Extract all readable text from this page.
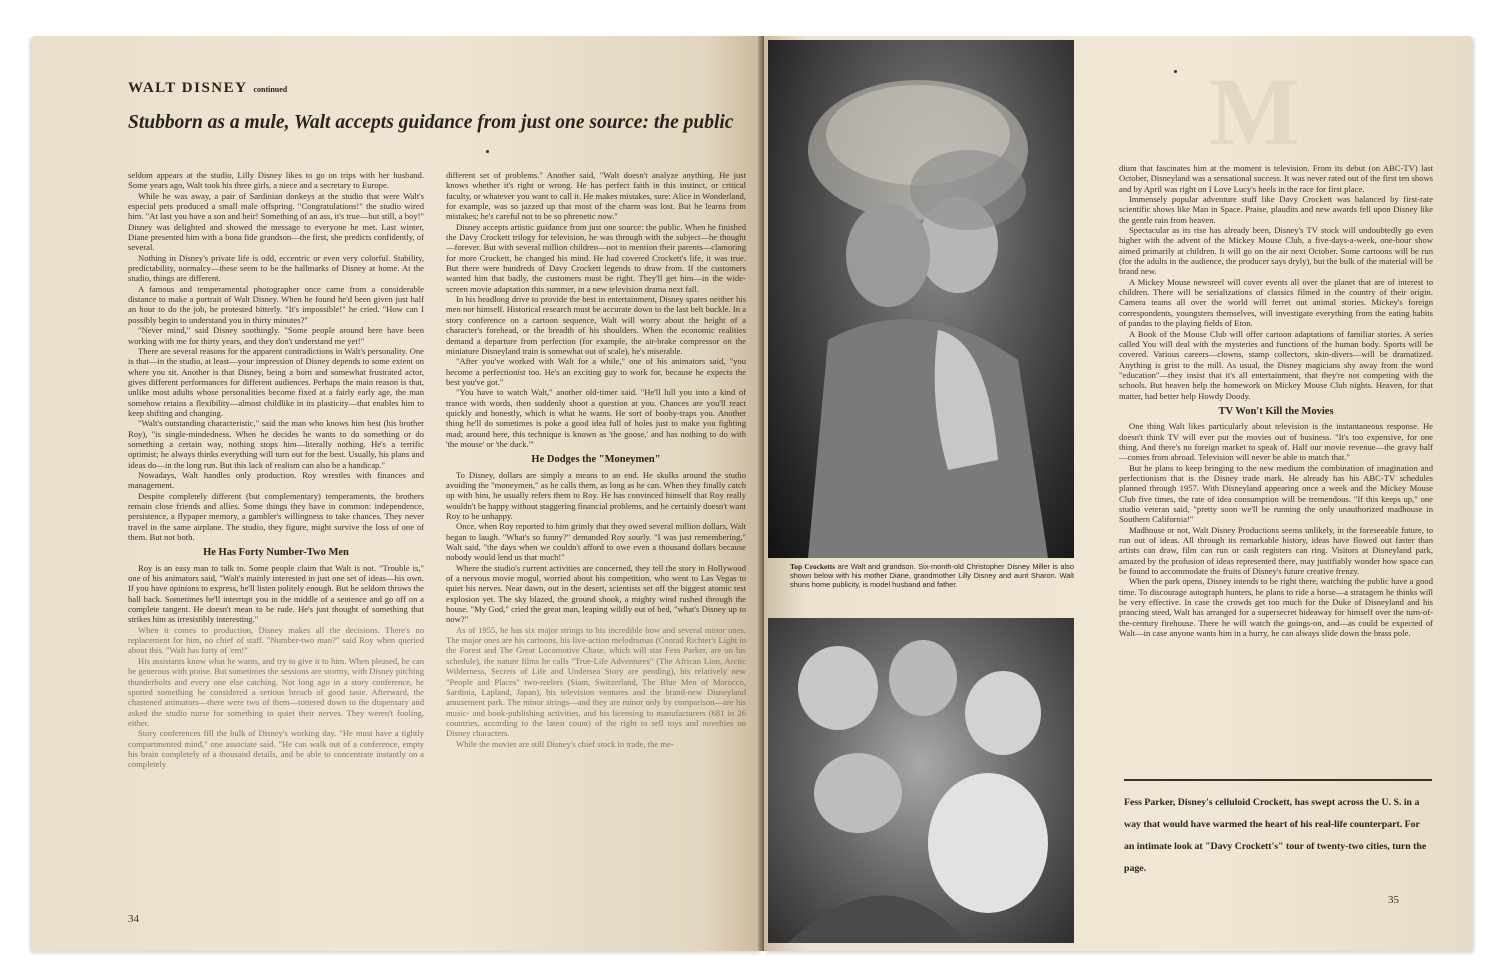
WALT DISNEY continued
Stubborn as a mule, Walt accepts guidance from just one source: the public

seldom appears at the studio, Lilly Disney likes to go on trips with her husband. Some years ago, Walt took his three girls, a niece and a secretary to Europe.

While he was away, a pair of Sardinian donkeys at the studio that were Walt's especial pets produced a small male offspring. "Congratulations!" the studio wired him. "At last you have a son and heir! Something of an ass, it's true—but still, a boy!" Disney was delighted and showed the message to everyone he met. Last winter, Diane presented him with a bona fide grandson—the first, she predicts confidently, of several.

Nothing in Disney's private life is odd, eccentric or even very colorful. Stability, predictability, normalcy—these seem to be the hallmarks of Disney at home. At the studio, things are different.

A famous and temperamental photographer once came from a considerable distance to make a portrait of Walt Disney. When he found he'd been given just half an hour to do the job, he protested bitterly. "It's impossible!" he cried. "How can I possibly begin to understand you in thirty minutes?"

"Never mind," said Disney soothingly. "Some people around here have been working with me for thirty years, and they don't understand me yet!"

There are several reasons for the apparent contradictions in Walt's personality. One is that—in the studio, at least—your impression of Disney depends to some extent on where you sit. Another is that Disney, being a born and somewhat frustrated actor, gives different performances for different audiences. Perhaps the main reason is that, unlike most adults whose personalities become fixed at a fairly early age, the man somehow retains a flexibility—almost childlike in its plasticity—that enables him to keep shifting and changing.

"Walt's outstanding characteristic," said the man who knows him best (his brother Roy), "is single-mindedness. When he decides he wants to do something or do something a certain way, nothing stops him—literally nothing. He's a terrific optimist; he always thinks everything will turn out for the best. Usually, his plans and ideas do—in the long run. But this lack of realism can also be a handicap."

Nowadays, Walt handles only production. Roy wrestles with finances and management.

Despite completely different (but complementary) temperaments, the brothers remain close friends and allies. Some things they have in common: independence, persistence, a flypaper memory, a gambler's willingness to take chances. They never travel in the same airplane. The studio, they figure, might survive the loss of one of them. But not both.

He Has Forty Number-Two Men

Roy is an easy man to talk to. Some people claim that Walt is not. "Trouble is," one of his animators said, "Walt's mainly interested in just one set of ideas—his own. If you have opinions to express, he'll listen politely enough. But he seldom throws the ball back. Sometimes he'll interrupt you in the middle of a sentence and go off on a complete tangent. He doesn't mean to be rude. He's just thought of something that strikes him as irresistibly interesting."

When it comes to production, Disney makes all the decisions. There's no replacement for him, no chief of staff. "Number-two man?" said Roy when queried about this. "Walt has forty of 'em!"

His assistants know what he wants, and try to give it to him. When pleased, he can be generous with praise. But sometimes the sessions are stormy, with Disney pitching thunderbolts and every one else catching. Not long ago in a story conference, he spotted something he considered a serious breach of good taste. Afterward, the chastened animators—there were two of them—tottered down to the dispensary and asked the studio nurse for something to quiet their nerves. They weren't fooling, either.

Story conferences fill the bulk of Disney's working day. "He must have a tightly compartmented mind," one associate said. "He can walk out of a conference, empty his brain completely of a thousand details, and be able to concentrate instantly on a completely

different set of problems." Another said, "Walt doesn't analyze anything. He just knows whether it's right or wrong. He has perfect faith in this instinct, or critical faculty, or whatever you want to call it. He makes mistakes, sure: Alice in Wonderland, for example, was so jazzed up that most of the charm was lost. But he learns from mistakes; he's careful not to be so phrenetic now."

Disney accepts artistic guidance from just one source: the public. When he finished the Davy Crockett trilogy for television, he was through with the subject—he thought—forever. But with several million children—not to mention their parents—clamoring for more Crockett, he changed his mind. He had covered Crockett's life, it was true. But there were hundreds of Davy Crockett legends to draw from. If the customers wanted him that badly, the customers must be right. They'll get him—in the wide-screen movie adaptation this summer, in a new television drama next fall.

In his headlong drive to provide the best in entertainment, Disney spares neither his men nor himself. Historical research must be accurate down to the last belt buckle. In a story conference on a cartoon sequence, Walt will worry about the height of a character's forehead, or the breadth of his shoulders. When the economic realities demand a departure from perfection (for example, the air-brake compressor on the miniature Disneyland train is somewhat out of scale), he's miserable.

"After you've worked with Walt for a while," one of his animators said, "you become a perfectionist too. He's an exciting guy to work for, because he expects the best you've got."

"You have to watch Walt," another old-timer said. "He'll lull you into a kind of trance with words, then suddenly shoot a question at you. Chances are you'll react quickly and honestly, which is what he wants. He sort of booby-traps you. Another thing he'll do sometimes is poke a good idea full of holes just to make you fighting mad; around here, this technique is known as 'the goose,' and has nothing to do with 'the mouse' or 'the duck.'"

He Dodges the "Moneymen"

To Disney, dollars are simply a means to an end. He skulks around the studio avoiding the "moneymen," as he calls them, as long as he can. When they finally catch up with him, he usually refers them to Roy. He has convinced himself that Roy really wouldn't be happy without staggering financial problems, and he certainly doesn't want Roy to be unhappy.

Once, when Roy reported to him grimly that they owed several million dollars, Walt began to laugh. "What's so funny?" demanded Roy sourly. "I was just remembering," Walt said, "the days when we couldn't afford to owe even a thousand dollars because nobody would lend us that much!"

Where the studio's current activities are concerned, they tell the story in Hollywood of a nervous movie mogul, worried about his competition, who went to Las Vegas to quiet his nerves. Near dawn, out in the desert, scientists set off the biggest atomic test explosion yet. The sky blazed, the ground shook, a mighty wind rushed through the house. "My God," cried the great man, leaping wildly out of bed, "what's Disney up to now?"

As of 1955, he has six major strings to his incredible bow and several minor ones. The major ones are his cartoons, his live-action melodramas (Conrad Richter's Light in the Forest and The Great Locomotive Chase, which will star Fess Parker, are on his schedule), the nature films he calls "True-Life Adventures" (The African Lion, Arctic Wilderness, Secrets of Life and Undersea Story are pending), his relatively new "People and Places" two-reelers (Siam, Switzerland, The Blue Men of Morocco, Sardinia, Lapland, Japan), his television ventures and the brand-new Disneyland amusement park. The minor strings—and they are minor only by comparison—are his music- and book-publishing activities, and his licensing to manufacturers (681 in 26 countries, according to the latest count) of the right to sell toys and novelties on Disney characters.

While the movies are still Disney's chief stock in trade, the me-

34
M
Top Crocketts are Walt and grandson. Six-month-old Christopher Disney Miller is also shown below with his mother Diane, grandmother Lilly Disney and aunt Sharon. Walt shuns home publicity, is model husband and father.

dium that fascinates him at the moment is television. From its debut (on ABC-TV) last October, Disneyland was a sensational success. It was never rated out of the first ten shows and by April was right on I Love Lucy's heels in the race for first place.

Immensely popular adventure stuff like Davy Crockett was balanced by first-rate scientific shows like Man in Space. Praise, plaudits and new awards fell upon Disney like the gentle rain from heaven.

Spectacular as its rise has already been, Disney's TV stock will undoubtedly go even higher with the advent of the Mickey Mouse Club, a five-days-a-week, one-hour show aimed primarily at children. It will go on the air next October. Some cartoons will be run (for the adults in the audience, the producer says dryly), but the bulk of the material will be brand new.

A Mickey Mouse newsreel will cover events all over the planet that are of interest to children. There will be serializations of classics filmed in the country of their origin. Camera teams all over the world will ferret out animal stories. Mickey's foreign correspondents, youngsters themselves, will investigate everything from the eating habits of pandas to the playing fields of Eton.

A Book of the Mouse Club will offer cartoon adaptations of familiar stories. A series called You will deal with the mysteries and functions of the human body. Sports will be covered. Various careers—clowns, stamp collectors, skin-divers—will be dramatized. Anything is grist to the mill. As usual, the Disney magicians shy away from the word "education"—they insist that it's all entertainment, that they're not competing with the schools. But heaven help the homework on Mickey Mouse Club nights. Heaven, for that matter, had better help Howdy Doody.

TV Won't Kill the Movies

One thing Walt likes particularly about television is the instantaneous response. He doesn't think TV will ever put the movies out of business. "It's too expensive, for one thing. And there's no foreign market to speak of. Half our movie revenue—the gravy half—comes from abroad. Television will never be able to match that."

But he plans to keep bringing to the new medium the combination of imagination and perfectionism that is the Disney trade mark. He already has his ABC-TV schedules planned through 1957. With Disneyland appearing once a week and the Mickey Mouse Club five times, the rate of idea consumption will be tremendous. "If this keeps up," one studio veteran said, "pretty soon we'll be running the only unauthorized madhouse in Southern California!"

Madhouse or not, Walt Disney Productions seems unlikely, in the foreseeable future, to run out of ideas. All through its remarkable history, ideas have flowed out faster than artists can draw, film can run or cash registers can ring. Visitors at Disneyland park, amazed by the profusion of ideas represented there, may justifiably wonder how space can be found to accommodate the fruits of Disney's future creative frenzy.

When the park opens, Disney intends to be right there, watching the public have a good time. To discourage autograph hunters, he plans to ride a horse—a stratagem he thinks will be very effective. In case the crowds get too much for the Duke of Disneyland and his prancing steed, Walt has arranged for a supersecret hideaway for himself over the turn-of-the-century firehouse. There he will watch the goings-on, and—as could be expected of Walt—in case anyone wants him in a hurry, he can always slide down the brass pole.

Fess Parker, Disney's celluloid Crockett, has swept across the U. S. in a way that would have warmed the heart of his real-life counterpart. For an intimate look at "Davy Crockett's" tour of twenty-two cities, turn the page.
35
